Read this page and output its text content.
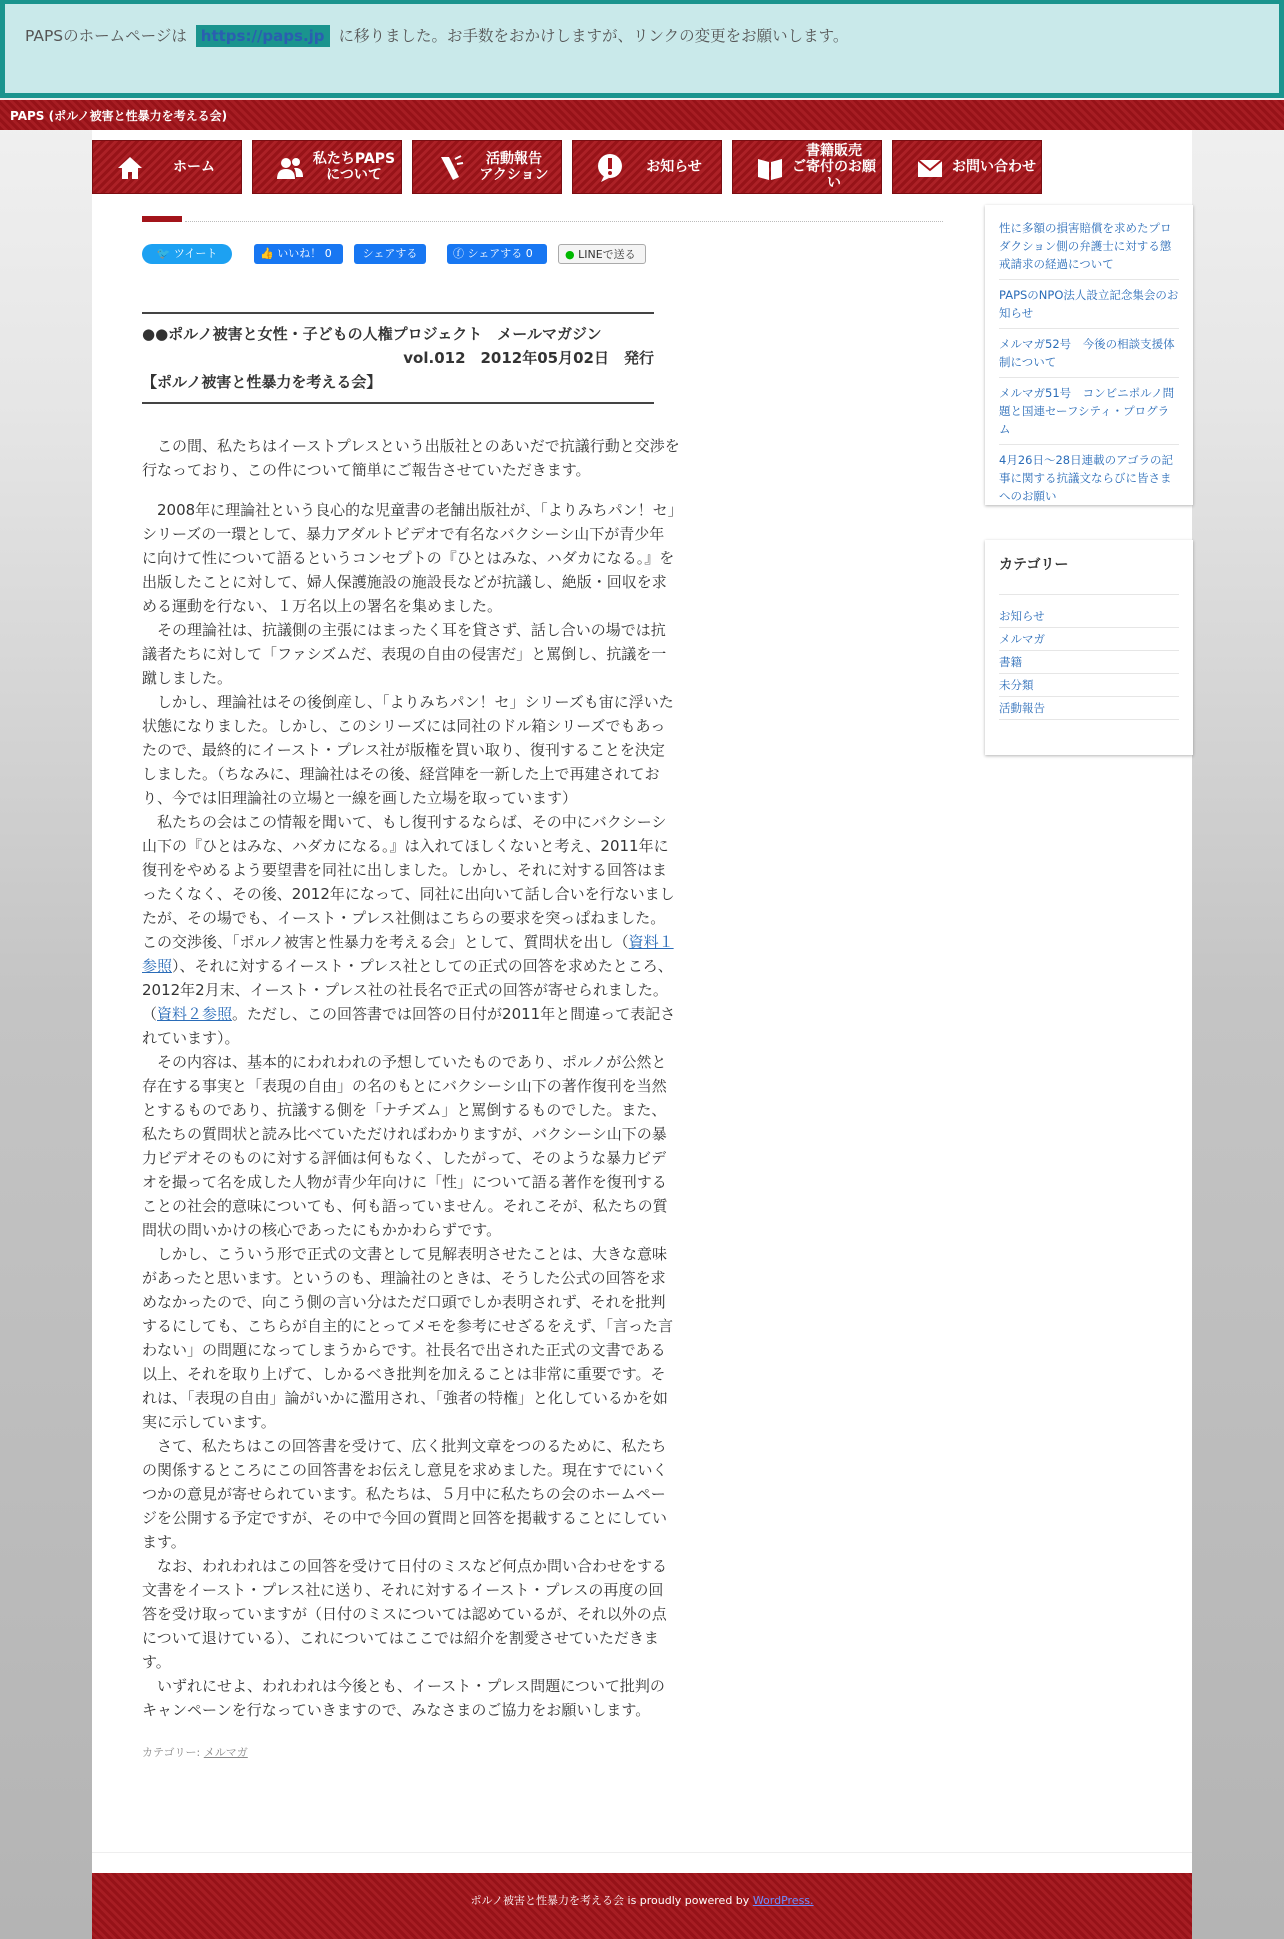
PAPSのホームページは https://paps.jp に移りました。お手数をおかけしますが、リンクの変更をお願いします。
PAPS (ポルノ被害と性暴力を考える会)
ホーム	私たちPAPS
について
活動報告
アクション	お知らせ
書籍販売
ご寄付のお願い
お問い合わせ
🐦 ツイート	👍 いいね！ 0	シェアする	ⓕ シェアする 0	● LINEで送る
●●ポルノ被害と女性・子どもの人権プロジェクト　メールマガジン
vol.012　2012年05月02日　発行
【ポルノ被害と性暴力を考える会】

この間、私たちはイーストプレスという出版社とのあいだで抗議行動と交渉を行なっており、この件について簡単にご報告させていただきます。

2008年に理論社という良心的な児童書の老舗出版社が、「よりみちパン！セ」シリーズの一環として、暴力アダルトビデオで有名なバクシーシ山下が青少年に向けて性について語るというコンセプトの『ひとはみな、ハダカになる。』を出版したことに対して、婦人保護施設の施設長などが抗議し、絶版・回収を求める運動を行ない、１万名以上の署名を集めました。

その理論社は、抗議側の主張にはまったく耳を貸さず、話し合いの場では抗議者たちに対して「ファシズムだ、表現の自由の侵害だ」と罵倒し、抗議を一蹴しました。

しかし、理論社はその後倒産し、「よりみちパン！セ」シリーズも宙に浮いた状態になりました。しかし、このシリーズには同社のドル箱シリーズでもあったので、最終的にイースト・プレス社が版権を買い取り、復刊することを決定しました。（ちなみに、理論社はその後、経営陣を一新した上で再建されており、今では旧理論社の立場と一線を画した立場を取っています）

私たちの会はこの情報を聞いて、もし復刊するならば、その中にバクシーシ山下の『ひとはみな、ハダカになる。』は入れてほしくないと考え、2011年に復刊をやめるよう要望書を同社に出しました。しかし、それに対する回答はまったくなく、その後、2012年になって、同社に出向いて話し合いを行ないましたが、その場でも、イースト・プレス社側はこちらの要求を突っぱねました。この交渉後、「ポルノ被害と性暴力を考える会」として、質問状を出し（資料１参照）、それに対するイースト・プレス社としての正式の回答を求めたところ、2012年2月末、イースト・プレス社の社長名で正式の回答が寄せられました。（資料２参照。ただし、この回答書では回答の日付が2011年と間違って表記されています）。

その内容は、基本的にわれわれの予想していたものであり、ポルノが公然と存在する事実と「表現の自由」の名のもとにバクシーシ山下の著作復刊を当然とするものであり、抗議する側を「ナチズム」と罵倒するものでした。また、私たちの質問状と読み比べていただければわかりますが、バクシーシ山下の暴力ビデオそのものに対する評価は何もなく、したがって、そのような暴力ビデオを撮って名を成した人物が青少年向けに「性」について語る著作を復刊することの社会的意味についても、何も語っていません。それこそが、私たちの質問状の問いかけの核心であったにもかかわらずです。

しかし、こういう形で正式の文書として見解表明させたことは、大きな意味があったと思います。というのも、理論社のときは、そうした公式の回答を求めなかったので、向こう側の言い分はただ口頭でしか表明されず、それを批判するにしても、こちらが自主的にとってメモを参考にせざるをえず、「言った言わない」の問題になってしまうからです。社長名で出された正式の文書である以上、それを取り上げて、しかるべき批判を加えることは非常に重要です。それは、「表現の自由」論がいかに濫用され、「強者の特権」と化しているかを如実に示しています。

さて、私たちはこの回答書を受けて、広く批判文章をつのるために、私たちの関係するところにこの回答書をお伝えし意見を求めました。現在すでにいくつかの意見が寄せられています。私たちは、５月中に私たちの会のホームページを公開する予定ですが、その中で今回の質問と回答を掲載することにしています。

なお、われわれはこの回答を受けて日付のミスなど何点か問い合わせをする文書をイースト・プレス社に送り、それに対するイースト・プレスの再度の回答を受け取っていますが（日付のミスについては認めているが、それ以外の点について退けている）、これについてはここでは紹介を割愛させていただきます。

いずれにせよ、われわれは今後とも、イースト・プレス問題について批判のキャンペーンを行なっていきますので、みなさまのご協力をお願いします。

カテゴリー: メルマガ
性に多額の損害賠償を求めたプロダクション側の弁護士に対する懲戒請求の経過について
PAPSのNPO法人設立記念集会のお知らせ
メルマガ52号　今後の相談支援体制について
メルマガ51号　コンビニポルノ問題と国連セーフシティ・プログラム
4月26日〜28日連載のアゴラの記事に関する抗議文ならびに皆さまへのお願い
カテゴリー
お知らせ
メルマガ
書籍
未分類
活動報告
ポルノ被害と性暴力を考える会 is proudly powered by WordPress.
